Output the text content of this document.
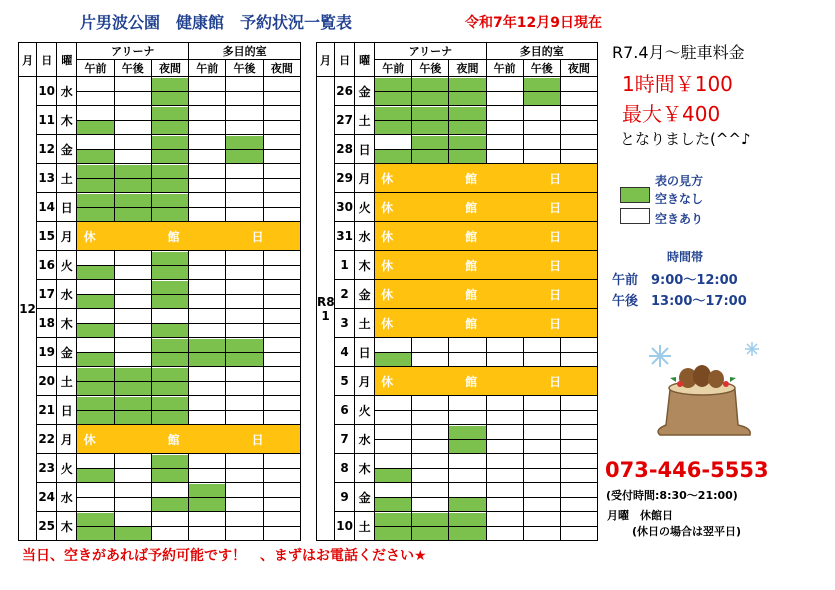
片男波公園　健康館　予約状況一覧表	令和7年12月9日現在
月	日	曜	アリーナ			多目的室		
			午前	午後	夜間	午前	午後	夜間
12	10	水	

	11	木	

	12	金	

	13	土	

	14	日	

	15	月	休　館　日					
	16	火	

	17	水	

	18	木	

	19	金	

	20	土	

	21	日	

	22	月	休　館　日					
	23	火	

	24	水	

	25	木	

月	日	曜	アリーナ			多目的室		
			午前	午後	夜間	午前	午後	夜間
R8 1	26	金	

	27	土	

	28	日	

	29	月	休　館　日					
	30	火	休　館　日					
	31	水	休　館　日					
	1	木	休　館　日					
	2	金	休　館　日					
	3	土	休　館　日					
	4	日	

	5	月	休　館　日					
	6	火	

	7	水	

	8	木	

	9	金	

	10	土	

R7.4月～駐車料金
1時間￥100
最大￥400
となりました(^^♪
表の見方
空きなし
空きあり
時間帯
午前　9:00～12:00
午後　13:00～17:00
073-446-5553
(受付時間:8:30～21:00)
月曜　休館日
(休日の場合は翌平日)
当日、空きがあれば予約可能です！　、まずはお電話ください★
